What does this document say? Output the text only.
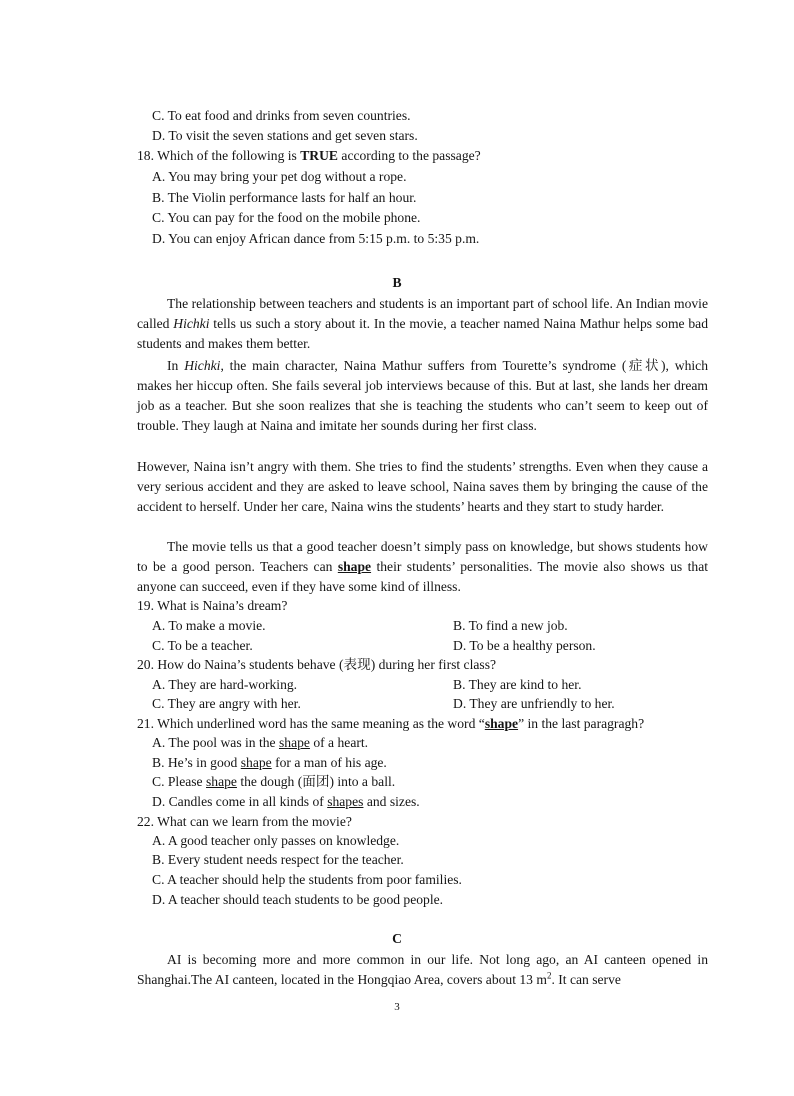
C. To eat food and drinks from seven countries.
D. To visit the seven stations and get seven stars.
18. Which of the following is TRUE according to the passage?
A. You may bring your pet dog without a rope.
B. The Violin performance lasts for half an hour.
C. You can pay for the food on the mobile phone.
D. You can enjoy African dance from 5:15 p.m. to 5:35 p.m.
B

The relationship between teachers and students is an important part of school life. An Indian movie called Hichki tells us such a story about it. In the movie, a teacher named Naina Mathur helps some bad students and makes them better.

In Hichki, the main character, Naina Mathur suffers from Tourette’s syndrome (症状), which makes her hiccup often. She fails several job interviews because of this. But at last, she lands her dream job as a teacher. But she soon realizes that she is teaching the students who can’t seem to keep out of trouble. They laugh at Naina and imitate her sounds during her first class.

However, Naina isn’t angry with them. She tries to find the students’ strengths. Even when they cause a very serious accident and they are asked to leave school, Naina saves them by bringing the cause of the accident to herself. Under her care, Naina wins the students’ hearts and they start to study harder.

The movie tells us that a good teacher doesn’t simply pass on knowledge, but shows students how to be a good person. Teachers can shape their students’ personalities. The movie also shows us that anyone can succeed, even if they have some kind of illness.

19. What is Naina’s dream?
A. To make a movie.	B. To find a new job.
C. To be a teacher.	D. To be a healthy person.
20. How do Naina’s students behave (表现) during her first class?
A. They are hard-working.	B. They are kind to her.
C. They are angry with her.	D. They are unfriendly to her.
21. Which underlined word has the same meaning as the word “shape” in the last paragragh?
A. The pool was in the shape of a heart.
B. He’s in good shape for a man of his age.
C. Please shape the dough (面团) into a ball.
D. Candles come in all kinds of shapes and sizes.
22. What can we learn from the movie?
A. A good teacher only passes on knowledge.
B. Every student needs respect for the teacher.
C. A teacher should help the students from poor families.
D. A teacher should teach students to be good people.
C

AI is becoming more and more common in our life. Not long ago, an AI canteen opened in Shanghai.The AI canteen, located in the Hongqiao Area, covers about 13 $m^2$. It can serve

3
